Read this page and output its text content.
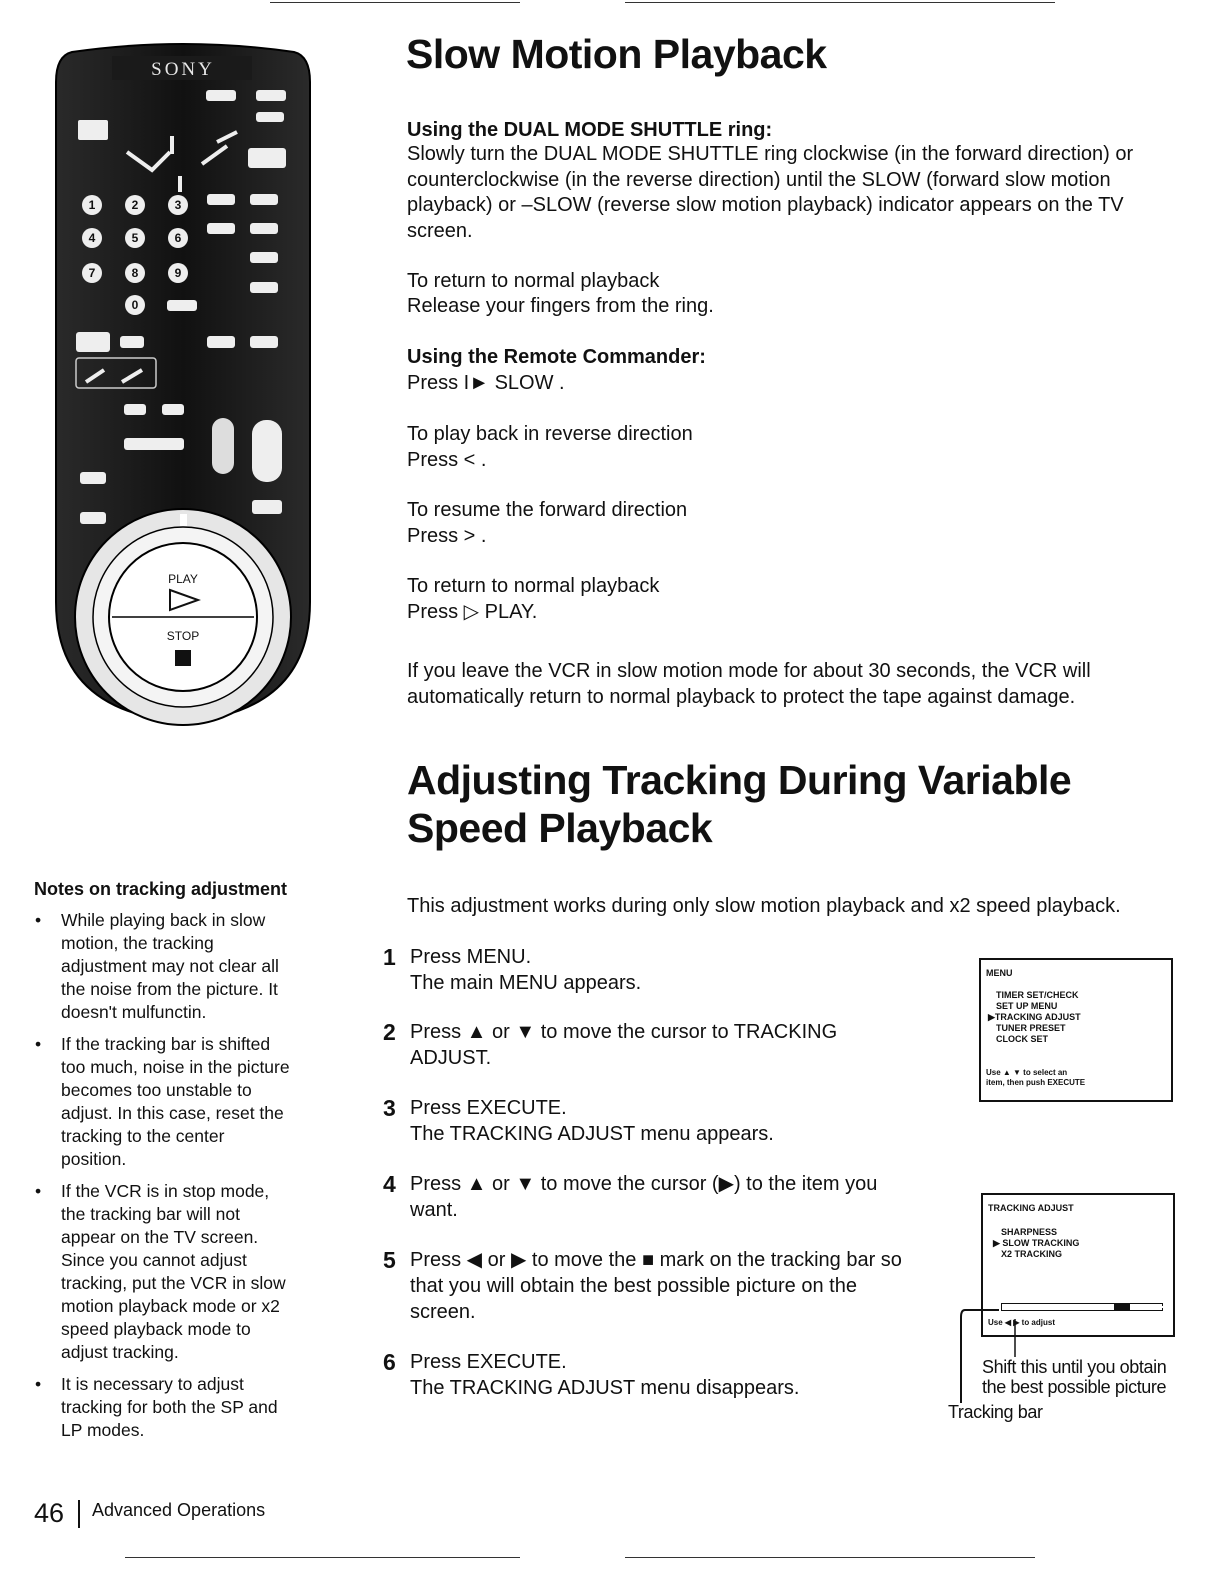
SONY
1	2	3
4	5	6
7	8	9
0
PLAY
STOP
Slow Motion Playback
Using the DUAL MODE SHUTTLE ring:
Slowly turn the DUAL MODE SHUTTLE ring clockwise (in the forward direction) or
counterclockwise (in the reverse direction) until the SLOW (forward slow motion
playback) or –SLOW (reverse slow motion playback) indicator appears on the TV
screen.
To return to normal playback
Release your fingers from the ring.
Using the Remote Commander:
Press I► SLOW .
To play back in reverse direction
Press < .
To resume the forward direction
Press > .
To return to normal playback
Press ▷ PLAY.
If you leave the VCR in slow motion mode for about 30 seconds, the VCR will
automatically return to normal playback to protect the tape against damage.
Adjusting Tracking During Variable
Speed Playback
This adjustment works during only slow motion playback and x2 speed playback.
1 Press MENU.
The main MENU appears.
2 Press ▲ or ▼ to move the cursor to TRACKING
ADJUST.
3 Press EXECUTE.
The TRACKING ADJUST menu appears.
4 Press ▲ or ▼ to move the cursor (▶) to the item you
want.
5 Press ◀ or ▶ to move the ■ mark on the tracking bar so
that you will obtain the best possible picture on the
screen.
6 Press EXECUTE.
The TRACKING ADJUST menu disappears.
MENU
TIMER SET/CHECK
SET UP MENU
▶TRACKING ADJUST
TUNER PRESET
CLOCK SET
Use ▲ ▼ to select an
item, then push EXECUTE
TRACKING ADJUST
SHARPNESS
▶ SLOW TRACKING
X2 TRACKING
Use ◀ ▶ to adjust
Shift this until you obtain
the best possible picture
Tracking bar
Notes on tracking adjustment
• While playing back in slow
motion, the tracking
adjustment may not clear all
the noise from the picture. It
doesn't mulfunctin.
• If the tracking bar is shifted
too much, noise in the picture
becomes too unstable to
adjust. In this case, reset the
tracking to the center
position.
• If the VCR is in stop mode,
the tracking bar will not
appear on the TV screen.
Since you cannot adjust
tracking, put the VCR in slow
motion playback mode or x2
speed playback mode to
adjust tracking.
• It is necessary to adjust
tracking for both the SP and
LP modes.
46 Advanced Operations
